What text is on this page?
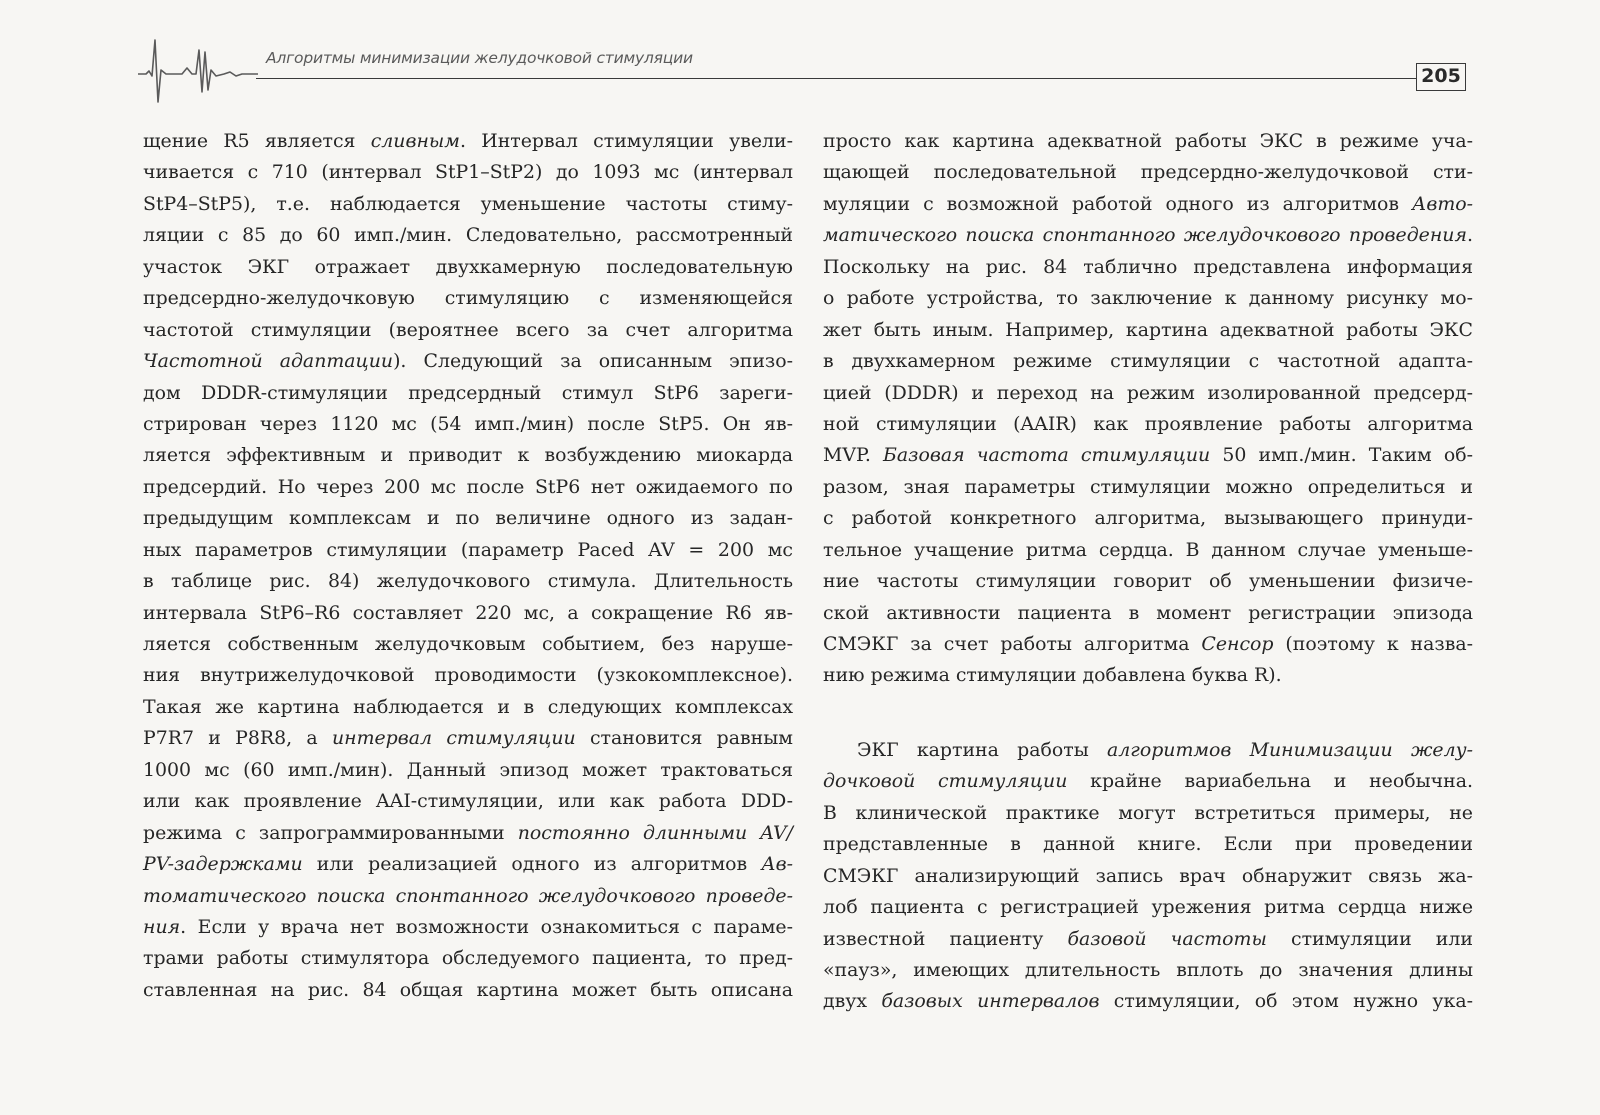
Алгоритмы минимизации желудочковой стимуляции
205
щение R5 является сливным. Интервал стимуляции увели-
чивается с 710 (интервал StP1–StP2) до 1093 мс (интервал
StP4–StP5), т.е. наблюдается уменьшение частоты стиму-
ляции с 85 до 60 имп./мин. Следовательно, рассмотренный
участок ЭКГ отражает двухкамерную последовательную
предсердно-желудочковую стимуляцию с изменяющейся
частотой стимуляции (вероятнее всего за счет алгоритма
Частотной адаптации). Следующий за описанным эпизо-
дом DDDR-стимуляции предсердный стимул StP6 зареги-
стрирован через 1120 мс (54 имп./мин) после StP5. Он яв-
ляется эффективным и приводит к возбуждению миокарда
предсердий. Но через 200 мс после StP6 нет ожидаемого по
предыдущим комплексам и по величине одного из задан-
ных параметров стимуляции (параметр Paced AV = 200 мс
в таблице рис. 84) желудочкового стимула. Длительность
интервала StP6–R6 составляет 220 мс, а сокращение R6 яв-
ляется собственным желудочковым событием, без наруше-
ния внутрижелудочковой проводимости (узкокомплексное).
Такая же картина наблюдается и в следующих комплексах
P7R7 и P8R8, а интервал стимуляции становится равным
1000 мс (60 имп./мин). Данный эпизод может трактоваться
или как проявление AAI-стимуляции, или как работа DDD-
режима с запрограммированными постоянно длинными AV/
PV-задержками или реализацией одного из алгоритмов Ав-
томатического поиска спонтанного желудочкового проведе-
ния. Если у врача нет возможности ознакомиться с параме-
трами работы стимулятора обследуемого пациента, то пред-
ставленная на рис. 84 общая картина может быть описана
просто как картина адекватной работы ЭКС в режиме уча-
щающей последовательной предсердно-желудочковой сти-
муляции с возможной работой одного из алгоритмов Авто-
матического поиска спонтанного желудочкового проведения.
Поскольку на рис. 84 таблично представлена информация
о работе устройства, то заключение к данному рисунку мо-
жет быть иным. Например, картина адекватной работы ЭКС
в двухкамерном режиме стимуляции с частотной адапта-
цией (DDDR) и переход на режим изолированной предсерд-
ной стимуляции (AAIR) как проявление работы алгоритма
MVP. Базовая частота стимуляции 50 имп./мин. Таким об-
разом, зная параметры стимуляции можно определиться и
с работой конкретного алгоритма, вызывающего принуди-
тельное учащение ритма сердца. В данном случае уменьше-
ние частоты стимуляции говорит об уменьшении физиче-
ской активности пациента в момент регистрации эпизода
СМЭКГ за счет работы алгоритма Сенсор (поэтому к назва-
нию режима стимуляции добавлена буква R).
ЭКГ картина работы алгоритмов Минимизации желу-
дочковой стимуляции крайне вариабельна и необычна.
В клинической практике могут встретиться примеры, не
представленные в данной книге. Если при проведении
СМЭКГ анализирующий запись врач обнаружит связь жа-
лоб пациента с регистрацией урежения ритма сердца ниже
известной пациенту базовой частоты стимуляции или
«пауз», имеющих длительность вплоть до значения длины
двух базовых интервалов стимуляции, об этом нужно ука-
